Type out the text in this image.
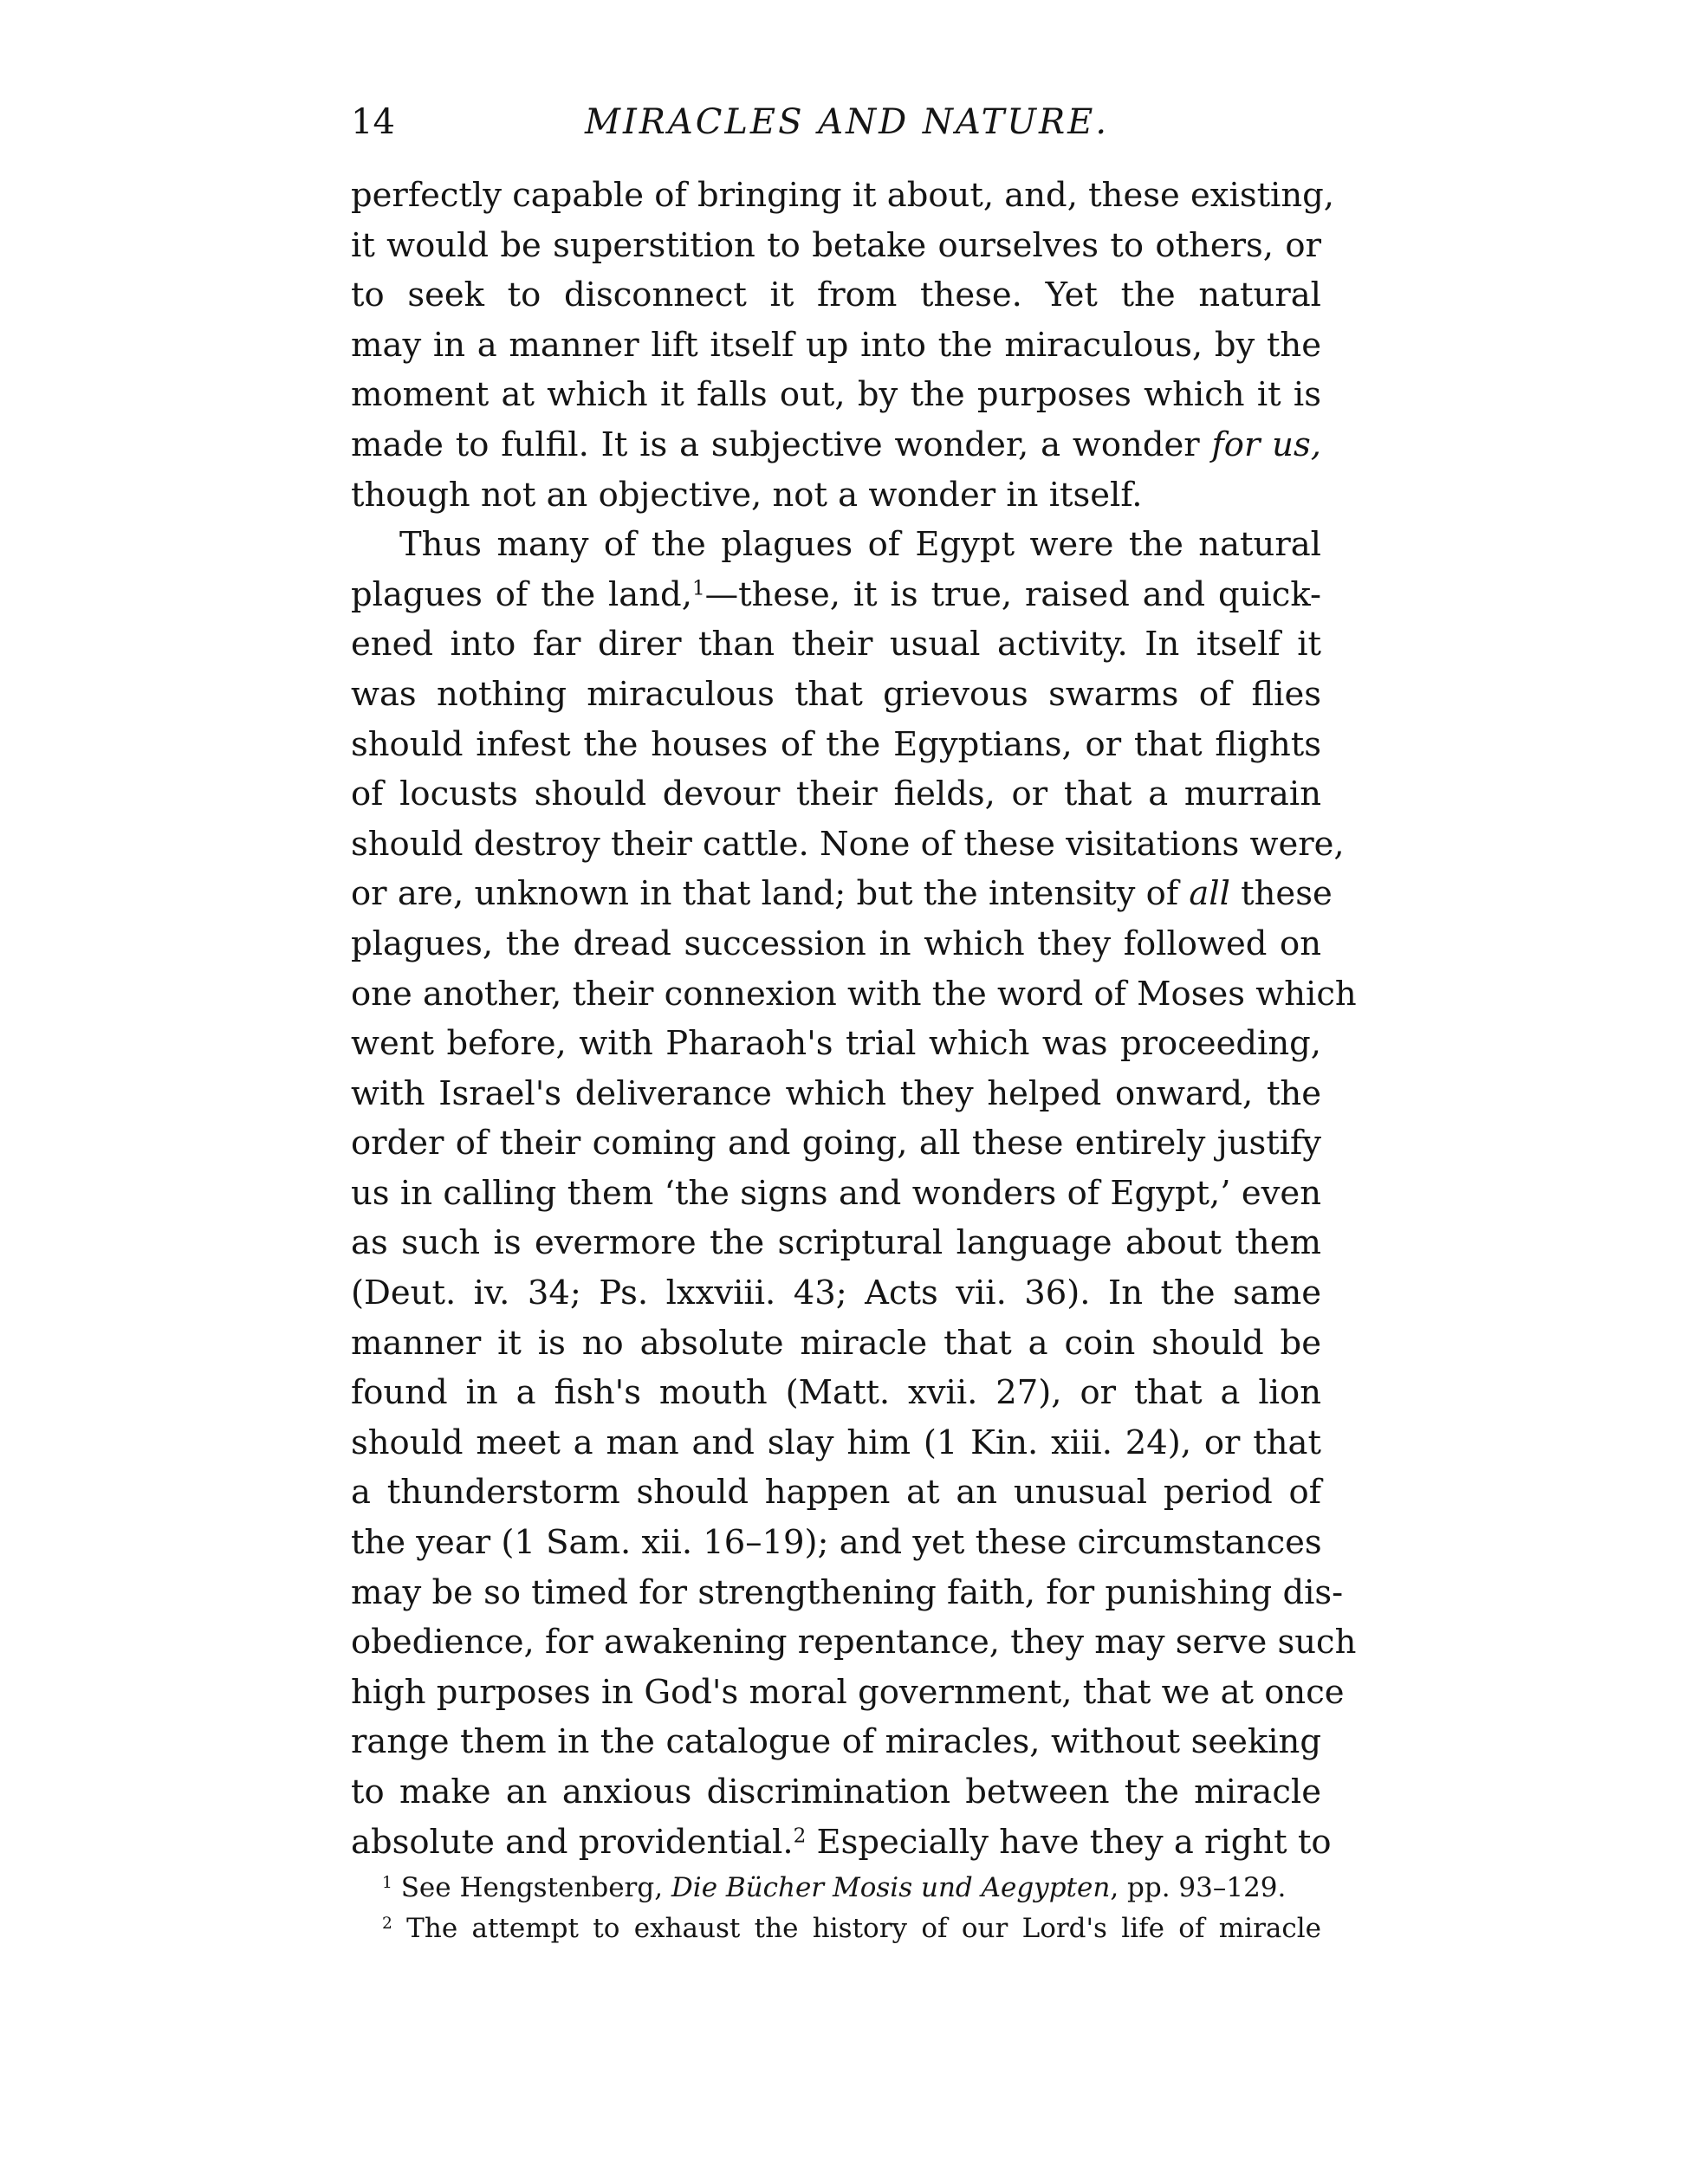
14	MIRACLES AND NATURE.
perfectly capable of bringing it about, and, these existing,
it would be superstition to betake ourselves to others, or
to seek to disconnect it from these. Yet the natural
may in a manner lift itself up into the miraculous, by the
moment at which it falls out, by the purposes which it is
made to fulfil. It is a subjective wonder, a wonder for us,
though not an objective, not a wonder in itself.
Thus many of the plagues of Egypt were the natural
plagues of the land,$^1$—these, it is true, raised and quick-
ened into far direr than their usual activity. In itself it
was nothing miraculous that grievous swarms of flies
should infest the houses of the Egyptians, or that flights
of locusts should devour their fields, or that a murrain
should destroy their cattle. None of these visitations were,
or are, unknown in that land; but the intensity of all these
plagues, the dread succession in which they followed on
one another, their connexion with the word of Moses which
went before, with Pharaoh's trial which was proceeding,
with Israel's deliverance which they helped onward, the
order of their coming and going, all these entirely justify
us in calling them ‘the signs and wonders of Egypt,’ even
as such is evermore the scriptural language about them
(Deut. iv. 34; Ps. lxxviii. 43; Acts vii. 36). In the same
manner it is no absolute miracle that a coin should be
found in a fish's mouth (Matt. xvii. 27), or that a lion
should meet a man and slay him (1 Kin. xiii. 24), or that
a thunderstorm should happen at an unusual period of
the year (1 Sam. xii. 16–19); and yet these circumstances
may be so timed for strengthening faith, for punishing dis-
obedience, for awakening repentance, they may serve such
high purposes in God's moral government, that we at once
range them in the catalogue of miracles, without seeking
to make an anxious discrimination between the miracle
absolute and providential.$^2$ Especially have they a right to
$^1$ See Hengstenberg, Die Bücher Mosis und Aegypten, pp. 93–129.
$^2$ The attempt to exhaust the history of our Lord's life of miracle
